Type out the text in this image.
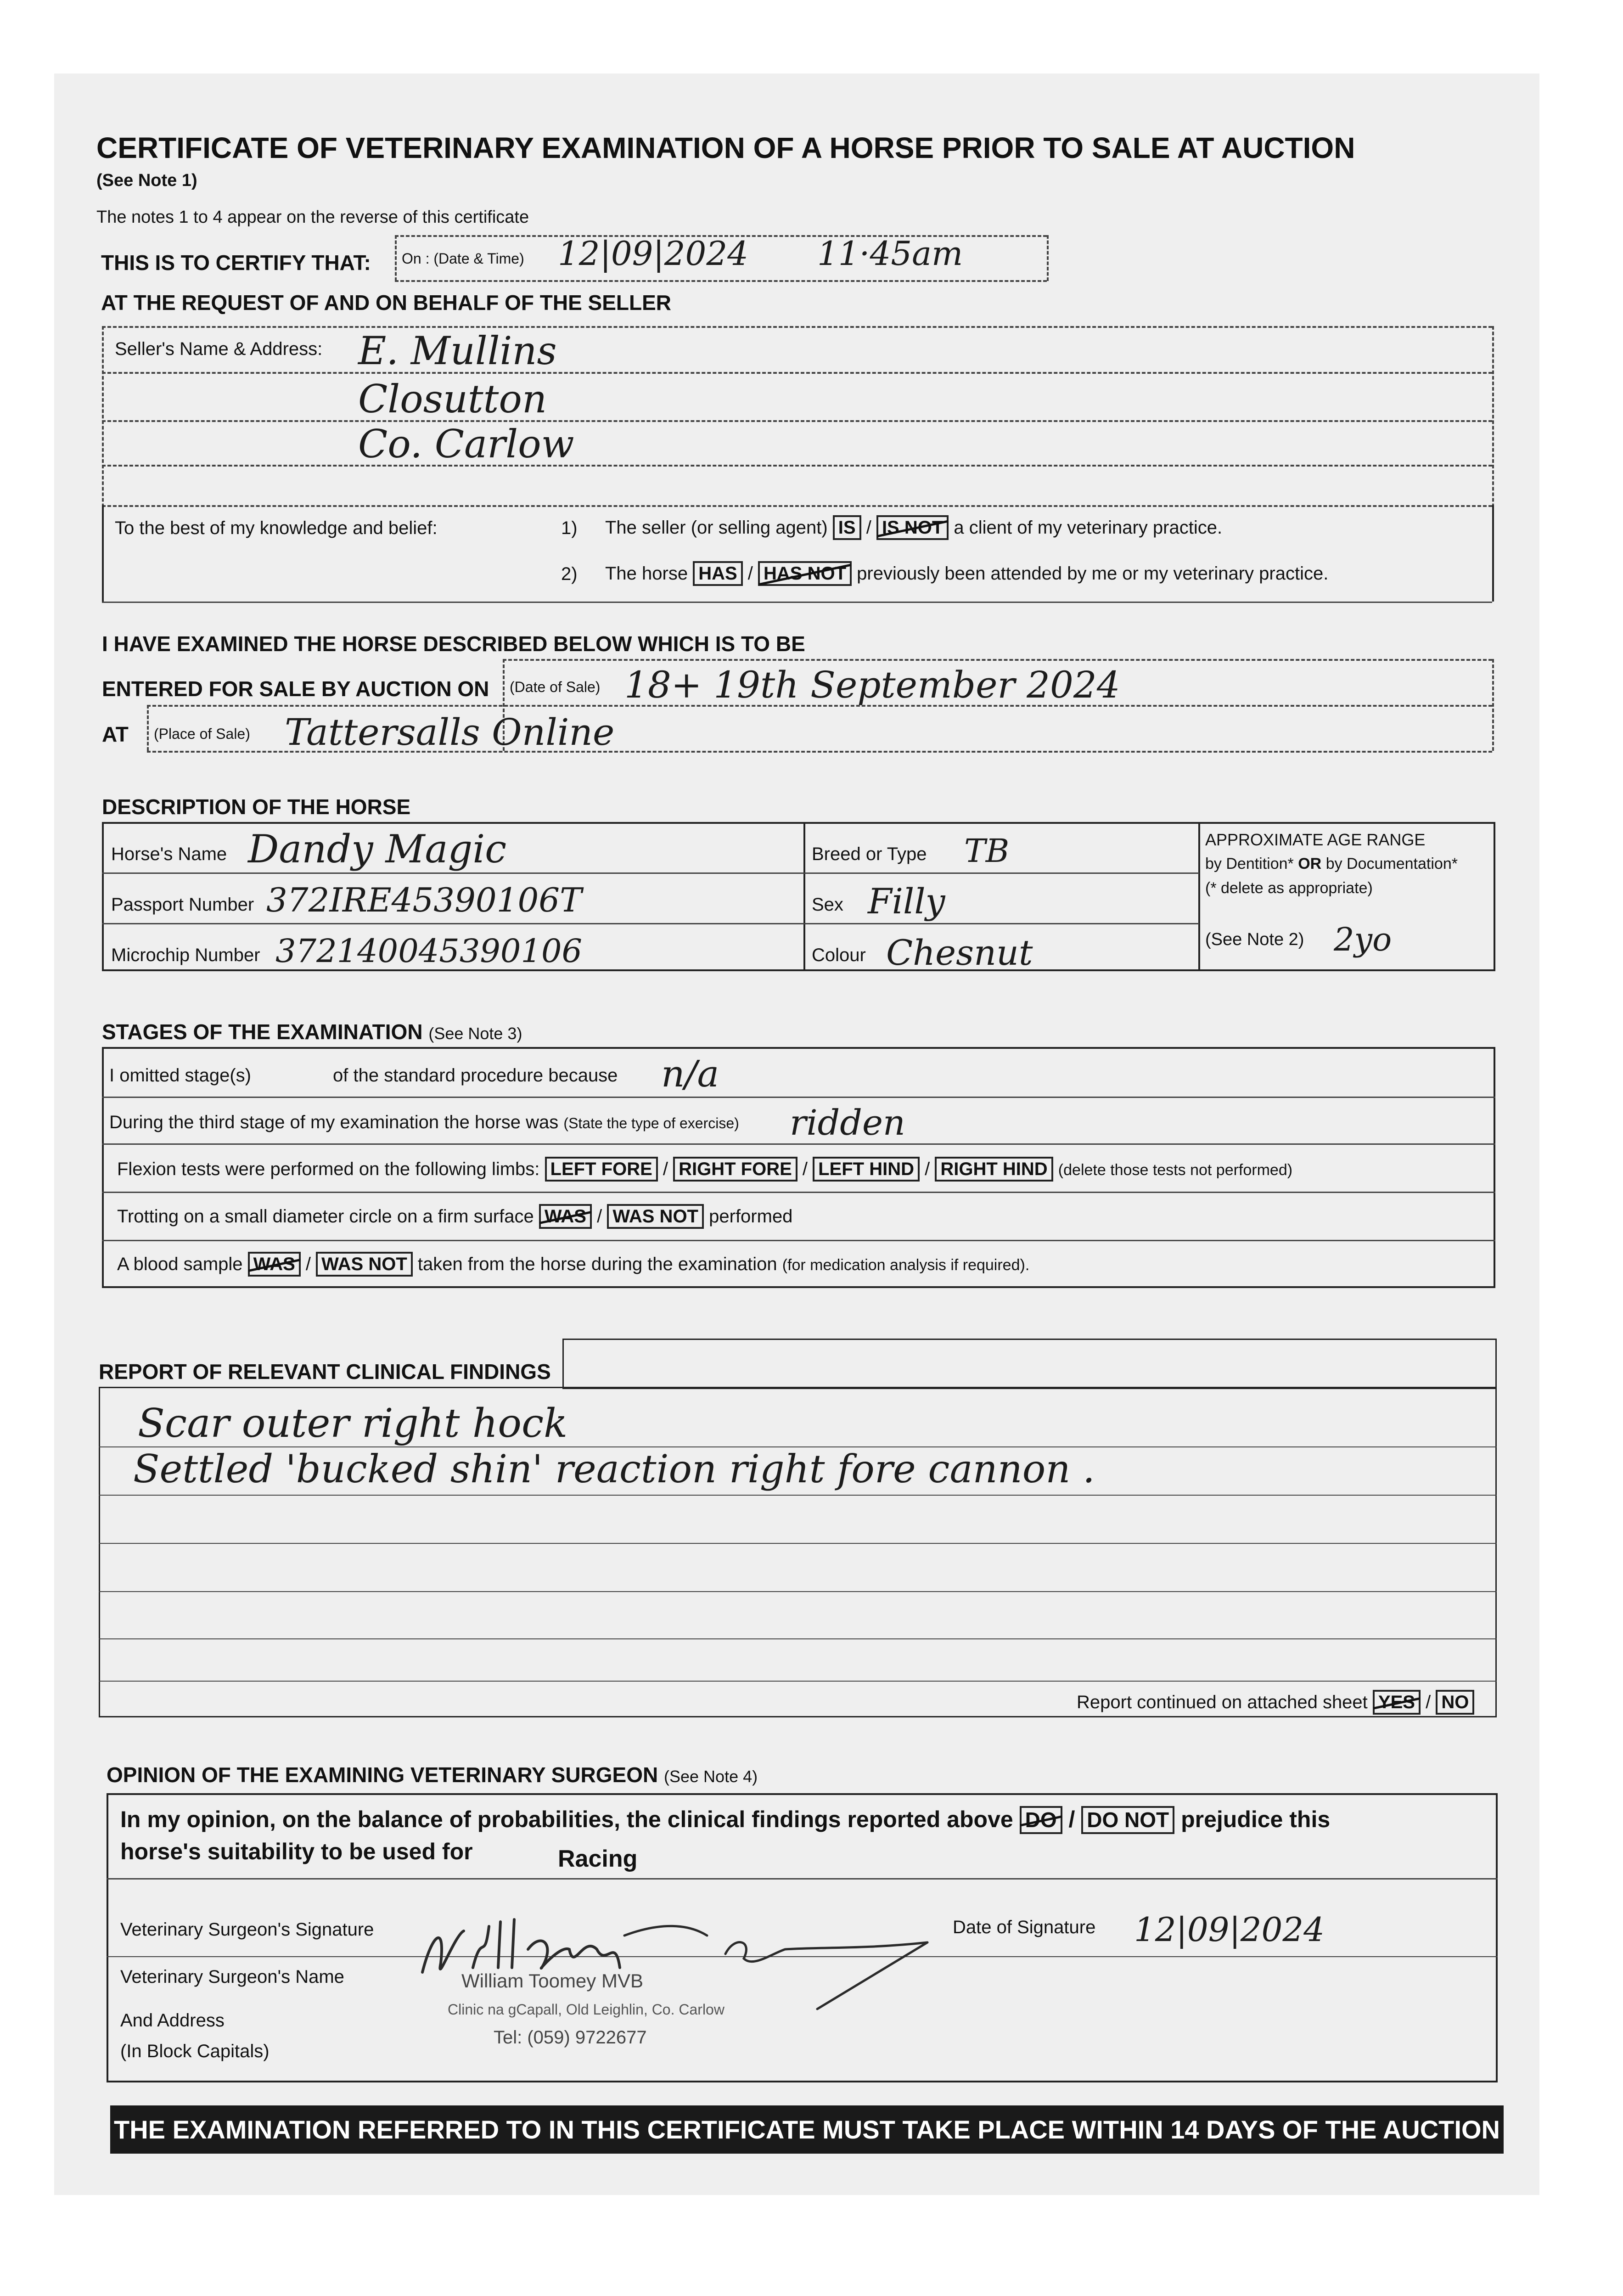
CERTIFICATE OF VETERINARY EXAMINATION OF A HORSE PRIOR TO SALE AT AUCTION
(See Note 1)
The notes 1 to 4 appear on the reverse of this certificate
THIS IS TO CERTIFY THAT: On : (Date & Time) 12|09|2024 11·45am
AT THE REQUEST OF AND ON BEHALF OF THE SELLER
Seller's Name & Address: E. Mullins
Closutton
Co. Carlow
To the best of my knowledge and belief:	1) The seller (or selling agent) IS / IS NOT a client of my veterinary practice.
2) The horse HAS / HAS NOT previously been attended by me or my veterinary practice.
I HAVE EXAMINED THE HORSE DESCRIBED BELOW WHICH IS TO BE
ENTERED FOR SALE BY AUCTION ON (Date of Sale) 18+ 19th September 2024
AT (Place of Sale) Tattersalls Online
DESCRIPTION OF THE HORSE
Horse's Name Dandy Magic
Passport Number 372IRE45390106T
Microchip Number 372140045390106
Breed or Type TB
Sex Filly
Colour Chesnut
APPROXIMATE AGE RANGE
by Dentition* OR by Documentation*
(* delete as appropriate)
(See Note 2) 2yo
STAGES OF THE EXAMINATION (See Note 3)
I omitted stage(s)	of the standard procedure because n/a
During the third stage of my examination the horse was (State the type of exercise) ridden
Flexion tests were performed on the following limbs: LEFT FORE / RIGHT FORE / LEFT HIND / RIGHT HIND (delete those tests not performed)
Trotting on a small diameter circle on a firm surface WAS / WAS NOT performed
A blood sample WAS / WAS NOT taken from the horse during the examination (for medication analysis if required).
REPORT OF RELEVANT CLINICAL FINDINGS
Scar outer right hock
Settled 'bucked shin' reaction right fore cannon .
Report continued on attached sheet YES / NO
OPINION OF THE EXAMINING VETERINARY SURGEON (See Note 4)
In my opinion, on the balance of probabilities, the clinical findings reported above DO / DO NOT prejudice this
horse's suitability to be used for	Racing
Veterinary Surgeon's Signature	Date of Signature 12|09|2024
Veterinary Surgeon's Name
And Address
(In Block Capitals)
William Toomey MVB
Clinic na gCapall, Old Leighlin, Co. Carlow
Tel: (059) 9722677
THE EXAMINATION REFERRED TO IN THIS CERTIFICATE MUST TAKE PLACE WITHIN 14 DAYS OF THE AUCTION
